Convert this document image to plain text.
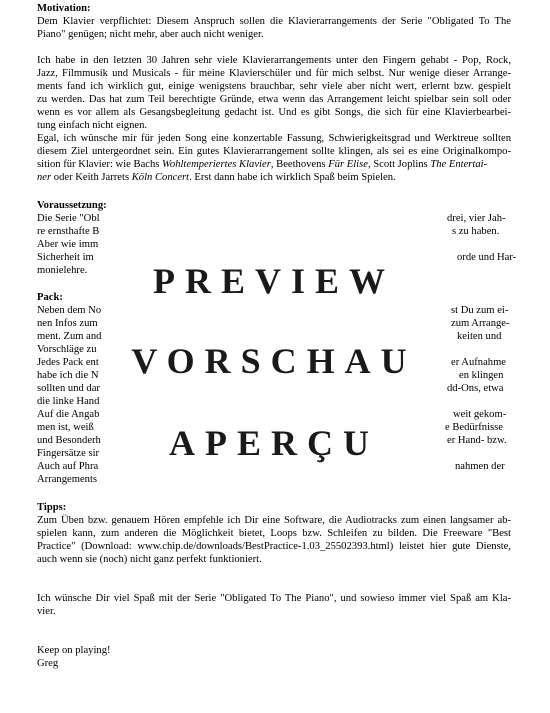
Motivation:
Dem Klavier verpflichtet: Diesem Anspruch sollen die Klavierarrangements der Serie "Obligated To The
Piano" genügen; nicht mehr, aber auch nicht weniger.
Ich habe in den letzten 30 Jahren sehr viele Klavierarrangements unter den Fingern gehabt - Pop, Rock,
Jazz, Filmmusik und Musicals - für meine Klavierschüler und für mich selbst. Nur wenige dieser Arrange-
ments fand ich wirklich gut, einige wenigstens brauchbar, sehr viele aber nicht wert, erlernt bzw. gespielt
zu werden. Das hat zum Teil berechtigte Gründe, etwa wenn das Arrangement leicht spielbar sein soll oder
wenn es vor allem als Gesangsbegleitung gedacht ist. Und es gibt Songs, die sich für eine Klavierbearbei-
tung einfach nicht eignen.
Egal, ich wünsche mir für jeden Song eine konzertable Fassung, Schwierigkeitsgrad und Werktreue sollten
diesem Ziel untergeordnet sein. Ein gutes Klavierarrangement sollte klingen, als sei es eine Originalkompo-
sition für Klavier: wie Bachs Wohltemperiertes Klavier, Beethovens Für Elise, Scott Joplins The Entertai-
ner oder Keith Jarrets Köln Concert. Erst dann habe ich wirklich Spaß beim Spielen.
Voraussetzung:
Die Serie "Obl
re ernsthafte B
Aber wie imm
Sicherheit im
monielehre.
drei, vier Jah-
s zu haben.
orde und Har-
Pack:
Neben dem No
nen Infos zum
ment. Zum and
Vorschläge zu
Jedes Pack ent
habe ich die N
sollten und dar
die linke Hand
Auf die Angab
men ist, weiß
und Besonderh
Fingersätze sir
Auch auf Phra
Arrangements
st Du zum ei-
zum Arrange-
keiten und
er Aufnahme
en klingen
dd-Ons, etwa
weit gekom-
e Bedürfnisse
er Hand- bzw.
nahmen der
Tipps:
Zum Üben bzw. genauem Hören empfehle ich Dir eine Software, die Audiotracks zum einen langsamer ab-
spielen kann, zum anderen die Möglichkeit bietet, Loops bzw. Schleifen zu bilden. Die Freeware "Best
Practice" (Download: www.chip.de/downloads/BestPractice-1.03_25502393.html) leistet hier gute Dienste,
auch wenn sie (noch) nicht ganz perfekt funktioniert.
Ich wünsche Dir viel Spaß mit der Serie "Obligated To The Piano", und sowieso immer viel Spaß am Kla-
vier.
Keep on playing!
Greg
PREVIEW
VORSCHAU
APERÇU
